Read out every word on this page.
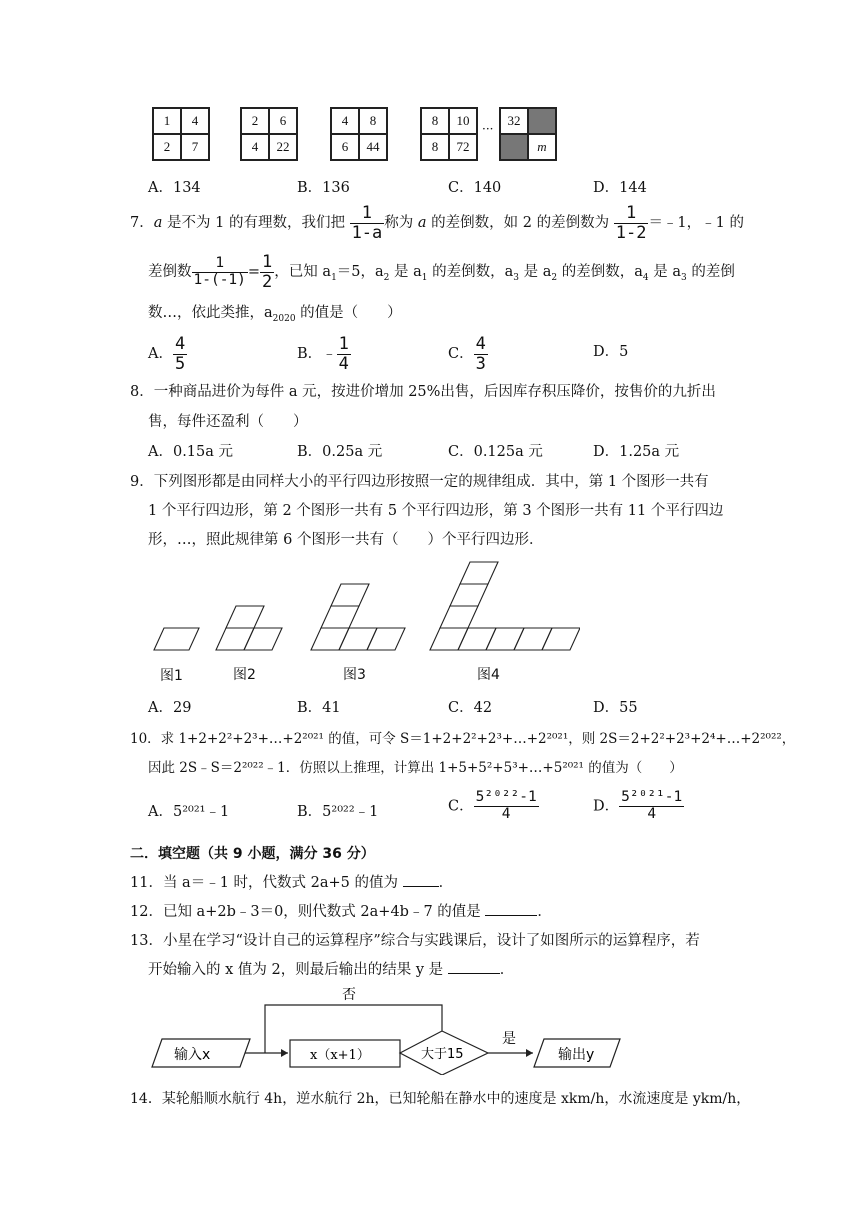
1	4
2	7
2	6
4	22
4	8
6	44
8	10
8	72
···
32
m
A．134	B．136	C．140	D．144
7．a 是不为 1 的有理数，我们把 $\frac{1}{1-a}$ 称为 a 的差倒数，如 2 的差倒数为 $\frac{1}{1-2}$ ＝﹣1，﹣1 的
差倒数 $\frac{1}{1-(-1)} = \frac{1}{2}$ ，已知 $a_1=5$，$a_2$ 是 $a_1$ 的差倒数，$a_3$ 是 $a_2$ 的差倒数，$a_4$ 是 $a_3$ 的差倒
数…，依此类推，$a_{2020}$ 的值是（　　）
A． $\frac{4}{5}$	B．﹣ $\frac{1}{4}$	C． $\frac{4}{3}$	D．5
8．一种商品进价为每件 a 元，按进价增加 25%出售，后因库存积压降价，按售价的九折出
售，每件还盈利（　　）
A．0.15a 元	B．0.25a 元	C．0.125a 元	D．1.25a 元
9．下列图形都是由同样大小的平行四边形按照一定的规律组成．其中，第 1 个图形一共有
1 个平行四边形，第 2 个图形一共有 5 个平行四边形，第 3 个图形一共有 11 个平行四边
形，…，照此规律第 6 个图形一共有（　　）个平行四边形．
图1	图2	图3	图4
A．29	B．41	C．42	D．55
10．求 1+2+2²+2³+…+2²⁰²¹ 的值，可令 S＝1+2+2²+2³+…+2²⁰²¹，则 2S＝2+2²+2³+2⁴+…+2²⁰²²，
因此 2S﹣S＝2²⁰²²﹣1．仿照以上推理，计算出 1+5+5²+5³+…+5²⁰²¹ 的值为（　　）
A．5²⁰²¹﹣1	B．5²⁰²²﹣1	C． $\frac{\text{5²⁰²²-1}}{4}$	D． $\frac{\text{5²⁰²¹-1}}{4}$
二．填空题（共 9 小题，满分 36 分）
11．当 a＝﹣1 时，代数式 2a+5 的值为	．
12．已知 a+2b﹣3＝0，则代数式 2a+4b﹣7 的值是	．
13．小星在学习“设计自己的运算程序”综合与实践课后，设计了如图所示的运算程序，若
开始输入的 x 值为 2，则最后输出的结果 y 是	．
输入x	x（x+1）	大于15
否
是
输出y
14．某轮船顺水航行 4h，逆水航行 2h，已知轮船在静水中的速度是 xkm/h，水流速度是 ykm/h，
